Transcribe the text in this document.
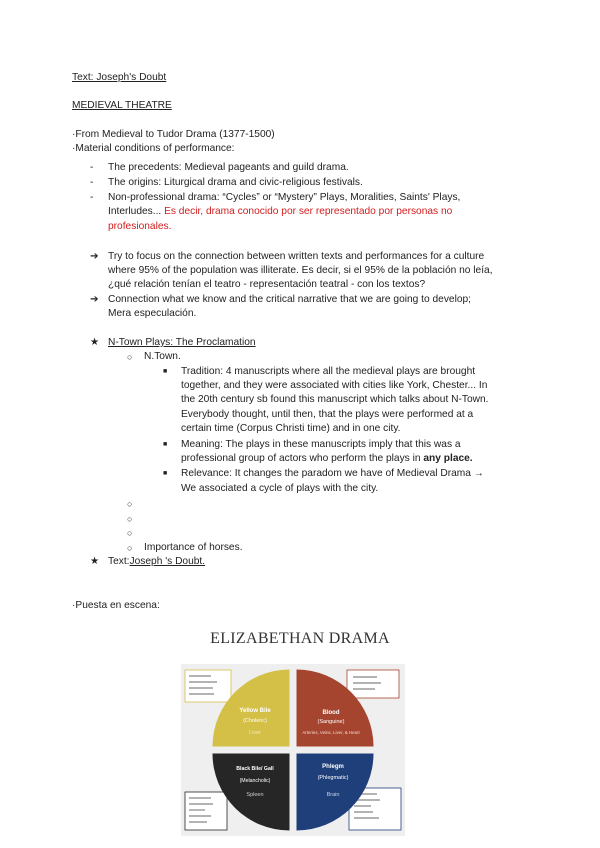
Text: Joseph's Doubt
MEDIEVAL THEATRE
·From Medieval to Tudor Drama (1377-1500)
·Material conditions of performance:
- The precedents: Medieval pageants and guild drama.
- The origins: Liturgical drama and civic-religious festivals.
- Non-professional drama: “Cycles” or “Mystery” Plays, Moralities, Saints' Plays,
Interludes... Es decir, drama conocido por ser representado por personas no
profesionales.
➔ Try to focus on the connection between written texts and performances for a culture
where 95% of the population was illiterate. Es decir, si el 95% de la población no leía,
¿qué relación tenían el teatro - representación teatral - con los textos?
➔ Connection what we know and the critical narrative that we are going to develop;
Mera especulación.
★ N-Town Plays: The Proclamation
○ N.Town.
■ Tradition: 4 manuscripts where all the medieval plays are brought
together, and they were associated with cities like York, Chester... In
the 20th century sb found this manuscript which talks about N-Town.
Everybody thought, until then, that the plays were performed at a
certain time (Corpus Christi time) and in one city.
■ Meaning: The plays in these manuscripts imply that this was a
professional group of actors who perform the plays in any place.
■ Relevance: It changes the paradom we have of Medieval Drama →
We associated a cycle of plays with the city.
○
○
○
○ Importance of horses.
★ Text:Joseph 's Doubt.
·Puesta en escena:
ELIZABETHAN DRAMA
Yellow Bile
(Choleric)
Liver
Blood
(Sanguine)
Arteries, Veins, Liver, & Heart
Black Bile/ Gall
(Melancholic)
Spleen
Phlegm
(Phlegmatic)
Brain
